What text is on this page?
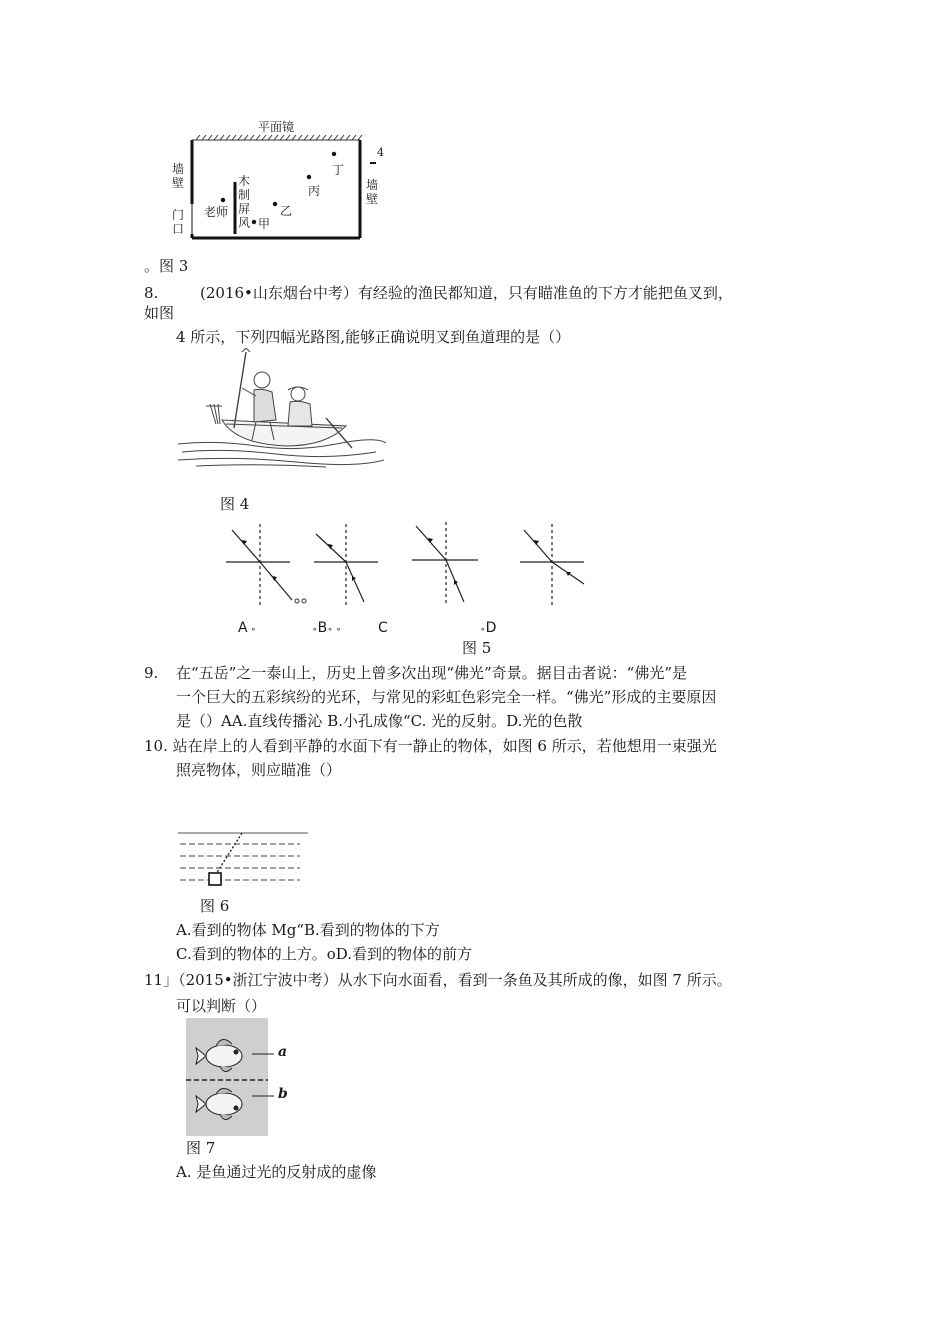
平面镜
墙
壁
门
口
老师
木
制
屏
风 甲
乙
丙
丁
4
墙
壁
。图 3
8.	(2016•山东烟台中考）有经验的渔民都知道，只有瞄准鱼的下方才能把鱼叉到，
如图
4 所示，下列四幅光路图,能够正确说明叉到鱼道理的是（）
图 4
A ∘	∘B∘ ∘	C	∘D
图 5
9. 在“五岳”之一泰山上，历史上曾多次出现“佛光”奇景。据目击者说：“佛光”是
一个巨大的五彩缤纷的光环，与常见的彩虹色彩完全一样。“佛光”形成的主要原因
是（）AA.直线传播沁 B.小孔成像“C. 光的反射。D.光的色散
10. 站在岸上的人看到平静的水面下有一静止的物体，如图 6 所示，若他想用一束强光
照亮物体，则应瞄准（）
图 6
A.看到的物体 Mg“B.看到的物体的下方
C.看到的物体的上方。oD.看到的物体的前方
11」（2015•浙江宁波中考）从水下向水面看，看到一条鱼及其所成的像，如图 7 所示。
可以判断（）
a
b
图 7
A. 是鱼通过光的反射成的虚像
